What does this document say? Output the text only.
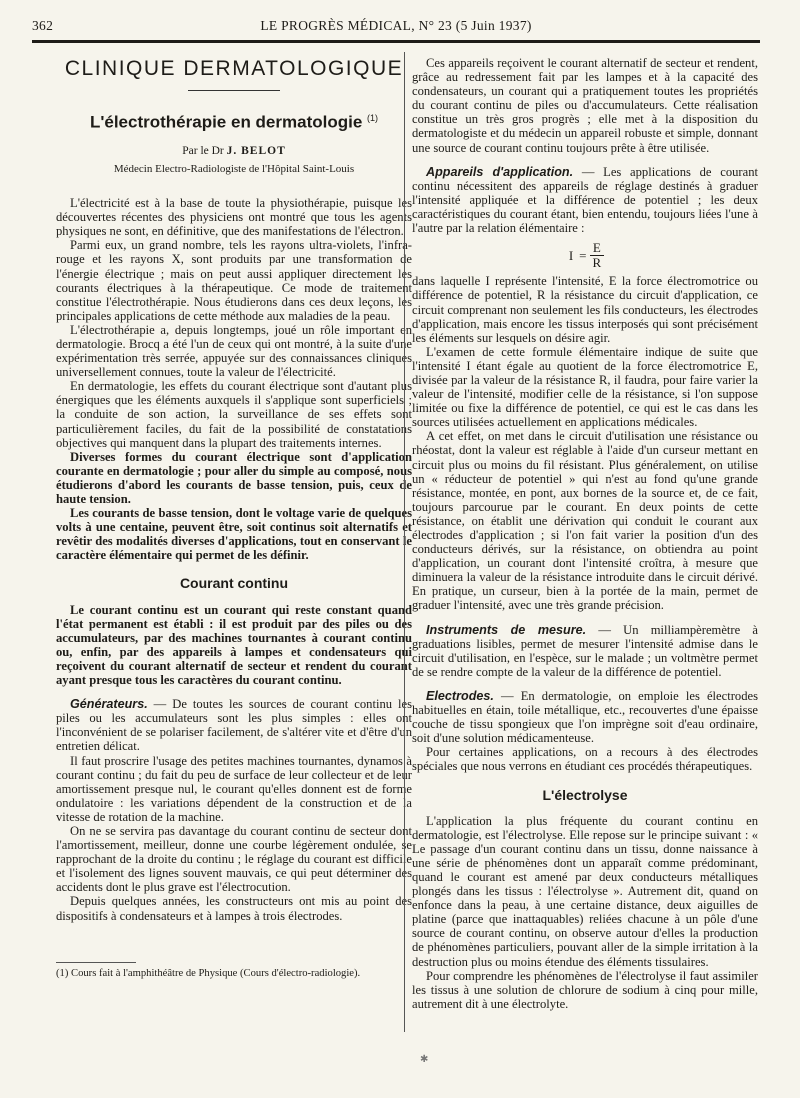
362	LE PROGRÈS MÉDICAL, N° 23 (5 Juin 1937)
CLINIQUE DERMATOLOGIQUE
L'électrothérapie en dermatologie $^{(1)}$
Par le Dr J. BELOT
Médecin Electro-Radiologiste de l'Hôpital Saint-Louis

L'électricité est à la base de toute la physiothérapie, puisque les découvertes récentes des physiciens ont montré que tous les agents physiques ne sont, en définitive, que des manifestations de l'électron.

Parmi eux, un grand nombre, tels les rayons ultra-violets, l'infra-rouge et les rayons X, sont produits par une transformation de l'énergie électrique ; mais on peut aussi appliquer directement les courants électriques à la thérapeutique. Ce mode de traitement constitue l'électrothérapie. Nous étudierons dans ces deux leçons, les principales applications de cette méthode aux maladies de la peau.

L'électrothérapie a, depuis longtemps, joué un rôle important en dermatologie. Brocq a été l'un de ceux qui ont montré, à la suite d'une expérimentation très serrée, appuyée sur des connaissances cliniques universellement connues, toute la valeur de l'électricité.

En dermatologie, les effets du courant électrique sont d'autant plus énergiques que les éléments auxquels il s'applique sont superficiels ; la conduite de son action, la surveillance de ses effets sont particulièrement faciles, du fait de la possibilité de constatations objectives qui manquent dans la plupart des traitements internes.

Diverses formes du courant électrique sont d'application courante en dermatologie ; pour aller du simple au composé, nous étudierons d'abord les courants de basse tension, puis, ceux de haute tension.

Les courants de basse tension, dont le voltage varie de quelques volts à une centaine, peuvent être, soit continus soit alternatifs et revêtir des modalités diverses d'applications, tout en conservant le caractère élémentaire qui permet de les définir.

Courant continu

Le courant continu est un courant qui reste constant quand l'état permanent est établi : il est produit par des piles ou des accumulateurs, par des machines tournantes à courant continu ou, enfin, par des appareils à lampes et condensateurs qui reçoivent du courant alternatif de secteur et rendent du courant ayant presque tous les caractères du courant continu.

Générateurs. — De toutes les sources de courant continu les piles ou les accumulateurs sont les plus simples : elles ont l'inconvénient de se polariser facilement, de s'altérer vite et d'être d'un entretien délicat.

Il faut proscrire l'usage des petites machines tournantes, dynamos à courant continu ; du fait du peu de surface de leur collecteur et de leur amortissement presque nul, le courant qu'elles donnent est de forme ondulatoire : les variations dépendent de la construction et de la vitesse de rotation de la machine.

On ne se servira pas davantage du courant continu de secteur dont l'amortissement, meilleur, donne une courbe légèrement ondulée, se rapprochant de la droite du continu ; le réglage du courant est difficile et l'isolement des lignes souvent mauvais, ce qui peut déterminer des accidents dont le plus grave est l'électrocution.

Depuis quelques années, les constructeurs ont mis au point des dispositifs à condensateurs et à lampes à trois électrodes.

Ces appareils reçoivent le courant alternatif de secteur et rendent, grâce au redressement fait par les lampes et à la capacité des condensateurs, un courant qui a pratiquement toutes les propriétés du courant continu de piles ou d'accumulateurs. Cette réalisation constitue un très gros progrès ; elle met à la disposition du dermatologiste et du médecin un appareil robuste et simple, donnant une source de courant continu toujours prête à être utilisée.

Appareils d'application. — Les applications de courant continu nécessitent des appareils de réglage destinés à graduer l'intensité appliquée et la différence de potentiel ; les deux caractéristiques du courant étant, bien entendu, toujours liées l'une à l'autre par la relation élémentaire :

I	=	E
R

dans laquelle I représente l'intensité, E la force électromotrice ou différence de potentiel, R la résistance du circuit d'application, ce circuit comprenant non seulement les fils conducteurs, les électrodes d'application, mais encore les tissus interposés qui sont précisément les éléments sur lesquels on désire agir.

L'examen de cette formule élémentaire indique de suite que l'intensité I étant égale au quotient de la force électromotrice E, divisée par la valeur de la résistance R, il faudra, pour faire varier la valeur de l'intensité, modifier celle de la résistance, si l'on suppose limitée ou fixe la différence de potentiel, ce qui est le cas dans les sources utilisées actuellement en applications médicales.

A cet effet, on met dans le circuit d'utilisation une résistance ou rhéostat, dont la valeur est réglable à l'aide d'un curseur mettant en circuit plus ou moins du fil résistant. Plus généralement, on utilise un « réducteur de potentiel » qui n'est au fond qu'une grande résistance, montée, en pont, aux bornes de la source et, de ce fait, toujours parcourue par le courant. En deux points de cette résistance, on établit une dérivation qui conduit le courant aux électrodes d'application ; si l'on fait varier la position d'un des conducteurs dérivés, sur la résistance, on obtiendra au point d'application, un courant dont l'intensité croîtra, à mesure que diminuera la valeur de la résistance introduite dans le circuit dérivé. En pratique, un curseur, bien à la portée de la main, permet de graduer l'intensité, avec une très grande précision.

Instruments de mesure. — Un milliampèremètre à graduations lisibles, permet de mesurer l'intensité admise dans le circuit d'utilisation, en l'espèce, sur le malade ; un voltmètre permet de se rendre compte de la valeur de la différence de potentiel.

Electrodes. — En dermatologie, on emploie les électrodes habituelles en étain, toile métallique, etc., recouvertes d'une épaisse couche de tissu spongieux que l'on imprègne soit d'eau ordinaire, soit d'une solution médicamenteuse.

Pour certaines applications, on a recours à des électrodes spéciales que nous verrons en étudiant ces procédés thérapeutiques.

L'électrolyse

L'application la plus fréquente du courant continu en dermatologie, est l'électrolyse. Elle repose sur le principe suivant : « Le passage d'un courant continu dans un tissu, donne naissance à une série de phénomènes dont un apparaît comme prédominant, quand le courant est amené par deux conducteurs métalliques plongés dans les tissus : l'électrolyse ». Autrement dit, quand on enfonce dans la peau, à une certaine distance, deux aiguilles de platine (parce que inattaquables) reliées chacune à un pôle d'une source de courant continu, on observe autour d'elles la production de phénomènes particuliers, pouvant aller de la simple irritation à la destruction plus ou moins étendue des éléments tissulaires.

Pour comprendre les phénomènes de l'électrolyse il faut assimiler les tissus à une solution de chlorure de sodium à cinq pour mille, autrement dit à une électrolyte.

(1) Cours fait à l'amphithéâtre de Physique (Cours d'électro-radiologie).
✱
